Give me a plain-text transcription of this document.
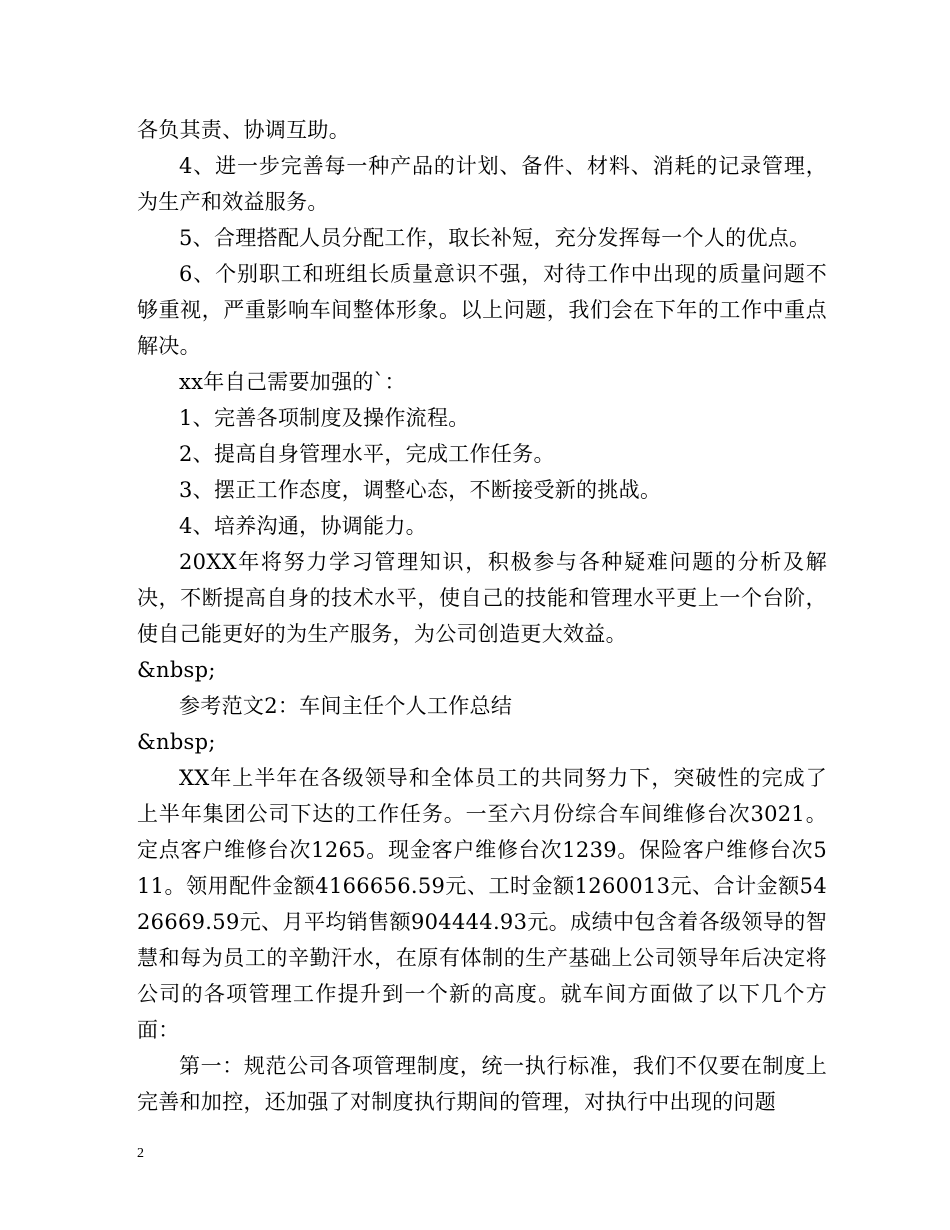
各负其责、协调互助。

4、进一步完善每一种产品的计划、备件、材料、消耗的记录管理，为生产和效益服务。

5、合理搭配人员分配工作，取长补短，充分发挥每一个人的优点。

6、个别职工和班组长质量意识不强，对待工作中出现的质量问题不够重视，严重影响车间整体形象。以上问题，我们会在下年的工作中重点解决。

xx年自己需要加强的`：

1、完善各项制度及操作流程。

2、提高自身管理水平，完成工作任务。

3、摆正工作态度，调整心态，不断接受新的挑战。

4、培养沟通，协调能力。

20XX年将努力学习管理知识，积极参与各种疑难问题的分析及解决，不断提高自身的技术水平，使自己的技能和管理水平更上一个台阶，使自己能更好的为生产服务，为公司创造更大效益。

&nbsp;

参考范文2：车间主任个人工作总结

&nbsp;

XX年上半年在各级领导和全体员工的共同努力下，突破性的完成了上半年集团公司下达的工作任务。一至六月份综合车间维修台次3021。定点客户维修台次1265。现金客户维修台次1239。保险客户维修台次511。领用配件金额4166656.59元、工时金额1260013元、合计金额5426669.59元、月平均销售额904444.93元。成绩中包含着各级领导的智慧和每为员工的辛勤汗水，在原有体制的生产基础上公司领导年后决定将公司的各项管理工作提升到一个新的高度。就车间方面做了以下几个方面：

第一：规范公司各项管理制度，统一执行标准，我们不仅要在制度上完善和加控，还加强了对制度执行期间的管理，对执行中出现的问题

2
